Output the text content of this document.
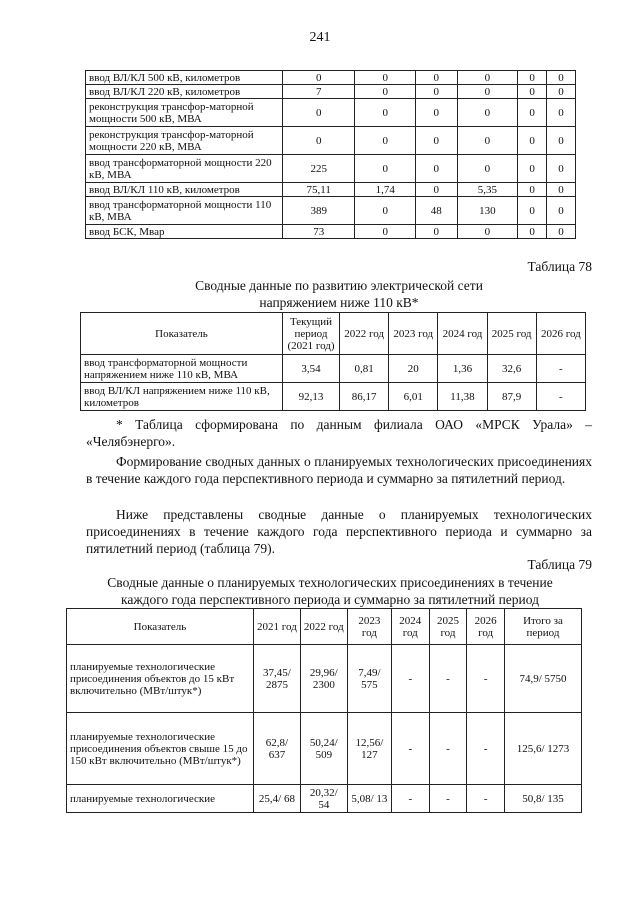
241
ввод ВЛ/КЛ 500 кВ, километров	0	0	0	0	0	0
ввод ВЛ/КЛ 220 кВ, километров	7	0	0	0	0	0
реконструкция трансфор-маторной мощности 500 кВ, МВА	0	0	0	0	0	0
реконструкция трансфор-маторной мощности 220 кВ, МВА	0	0	0	0	0	0
ввод трансформаторной мощности 220 кВ, МВА	225	0	0	0	0	0
ввод ВЛ/КЛ 110 кВ, километров	75,11	1,74	0	5,35	0	0
ввод трансформаторной мощности 110 кВ, МВА	389	0	48	130	0	0
ввод БСК, Мвар	73	0	0	0	0	0
Таблица 78
Сводные данные по развитию электрической сети
напряжением ниже 110 кВ*
Показатель	Текущий период (2021 год)	2022 год	2023 год	2024 год	2025 год	2026 год
ввод трансформаторной мощности напряжением ниже 110 кВ, МВА	3,54	0,81	20	1,36	32,6	-
ввод ВЛ/КЛ напряжением ниже 110 кВ, километров	92,13	86,17	6,01	11,38	87,9	-
* Таблица сформирована по данным филиала ОАО «МРСК Урала» – «Челябэнерго».
Формирование сводных данных о планируемых технологических присоединениях в течение каждого года перспективного периода и суммарно за пятилетний период.
Ниже представлены сводные данные о планируемых технологических присоединениях в течение каждого года перспективного периода и суммарно за пятилетний период (таблица 79).
Таблица 79
Сводные данные о планируемых технологических присоединениях в течение
каждого года перспективного периода и суммарно за пятилетний период
Показатель	2021 год	2022 год	2023 год	2024 год	2025 год	2026 год	Итого за период
планируемые технологические присоединения объектов до 15 кВт включительно (МВт/штук*)	37,45/ 2875	29,96/ 2300	7,49/ 575	-	-	-	74,9/ 5750
планируемые технологические присоединения объектов свыше 15 до 150 кВт включительно (МВт/штук*)	62,8/ 637	50,24/ 509	12,56/ 127	-	-	-	125,6/ 1273
планируемые технологические	25,4/ 68	20,32/ 54	5,08/ 13	-	-	-	50,8/ 135
